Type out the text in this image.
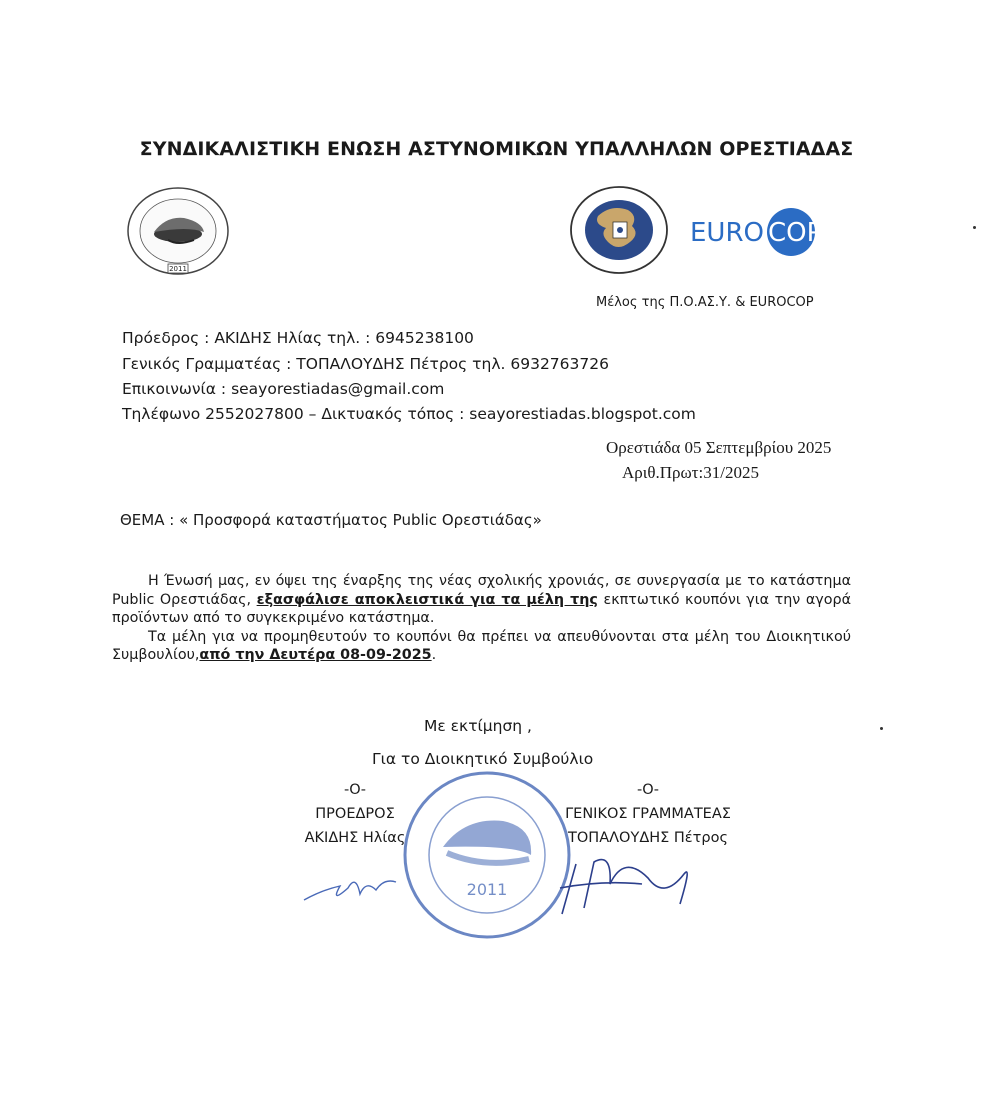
ΣΥΝΔΙΚΑΛΙΣΤΙΚΗ ΕΝΩΣΗ ΑΣΤΥΝΟΜΙΚΩΝ ΥΠΑΛΛΗΛΩΝ ΟΡΕΣΤΙΑΔΑΣ
2011
EURO COP
Μέλος της Π.Ο.ΑΣ.Υ. & EUROCOP
Πρόεδρος : ΑΚΙΔΗΣ Ηλίας τηλ. : 6945238100
Γενικός Γραμματέας : ΤΟΠΑΛΟΥΔΗΣ Πέτρος τηλ. 6932763726
Επικοινωνία : seayorestiadas@gmail.com
Τηλέφωνο 2552027800 – Δικτυακός τόπος : seayorestiadas.blogspot.com
Ορεστιάδα 05 Σεπτεμβρίου 2025
Αριθ.Πρωτ:31/2025
ΘΕΜΑ : « Προσφορά καταστήματος Public Ορεστιάδας»

Η Ένωσή μας, εν όψει της έναρξης της νέας σχολικής χρονιάς, σε συνεργασία με το κατάστημα Public Ορεστιάδας, εξασφάλισε αποκλειστικά για τα μέλη της εκπτωτικό κουπόνι για την αγορά προϊόντων από το συγκεκριμένο κατάστημα.

Τα μέλη για να προμηθευτούν το κουπόνι θα πρέπει να απευθύνονται στα μέλη του Διοικητικού Συμβουλίου,από την Δευτέρα 08-09-2025.

2011
Με εκτίμηση ,
Για το Διοικητικό Συμβούλιο
-Ο-
ΠΡΟΕΔΡΟΣ
ΑΚΙΔΗΣ Ηλίας
-Ο-
ΓΕΝΙΚΟΣ ΓΡΑΜΜΑΤΕΑΣ
ΤΟΠΑΛΟΥΔΗΣ Πέτρος
